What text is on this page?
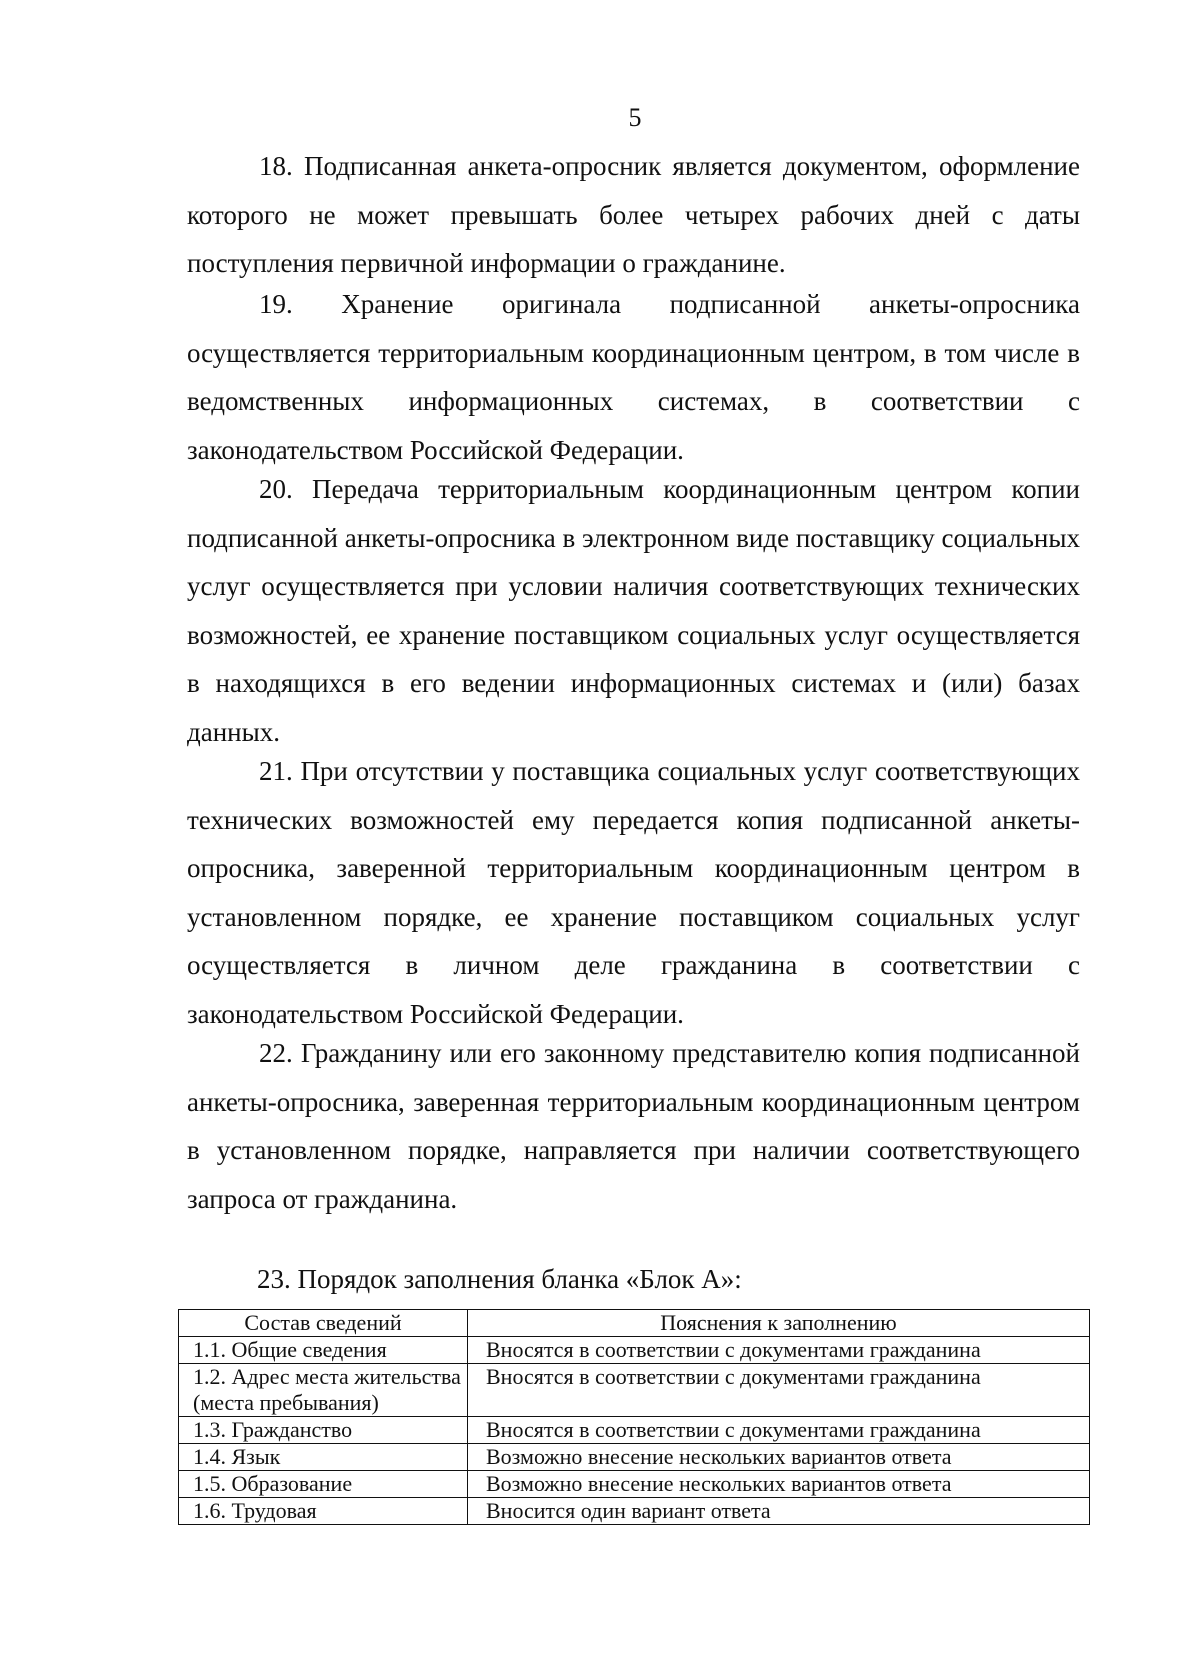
5

18. Подписанная анкета-опросник является документом, оформление которого не может превышать более четырех рабочих дней с даты поступления первичной информации о гражданине.

19. Хранение оригинала подписанной анкеты-опросника осуществляется территориальным координационным центром, в том числе в ведомственных информационных системах, в соответствии с законодательством Российской Федерации.

20. Передача территориальным координационным центром копии подписанной анкеты-опросника в электронном виде поставщику социальных услуг осуществляется при условии наличия соответствующих технических возможностей, ее хранение поставщиком социальных услуг осуществляется в находящихся в его ведении информационных системах и (или) базах данных.

21. При отсутствии у поставщика социальных услуг соответствующих технических возможностей ему передается копия подписанной анкеты-опросника, заверенной территориальным координационным центром в установленном порядке, ее хранение поставщиком социальных услуг осуществляется в личном деле гражданина в соответствии с законодательством Российской Федерации.

22. Гражданину или его законному представителю копия подписанной анкеты-опросника, заверенная территориальным координационным центром в установленном порядке, направляется при наличии соответствующего запроса от гражданина.

23. Порядок заполнения бланка «Блок А»:

Состав сведений	Пояснения к заполнению
1.1. Общие сведения	Вносятся в соответствии с документами гражданина
1.2. Адрес места жительства (места пребывания)	Вносятся в соответствии с документами гражданина
1.3. Гражданство	Вносятся в соответствии с документами гражданина
1.4. Язык	Возможно внесение нескольких вариантов ответа
1.5. Образование	Возможно внесение нескольких вариантов ответа
1.6. Трудовая	Вносится один вариант ответа
